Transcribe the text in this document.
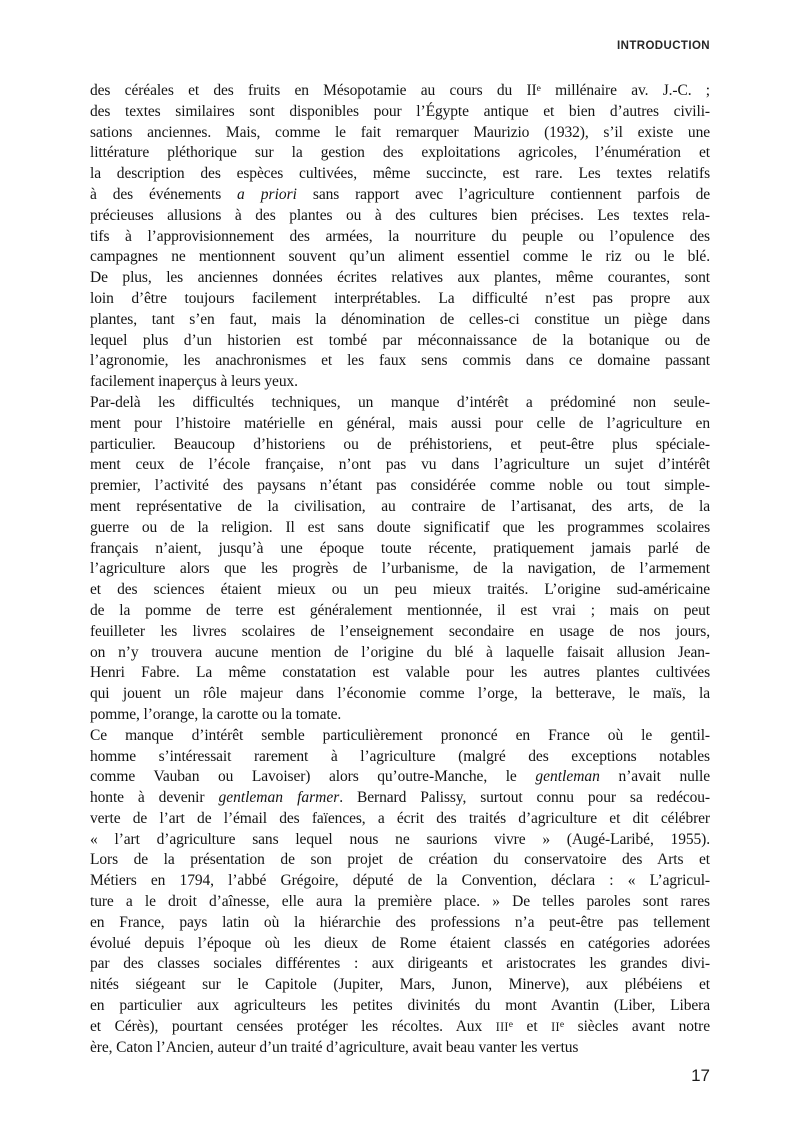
INTRODUCTION
des céréales et des fruits en Mésopotamie au cours du IIe millénaire av. J.-C. ;
des textes similaires sont disponibles pour l’Égypte antique et bien d’autres civili-
sations anciennes. Mais, comme le fait remarquer Maurizio (1932), s’il existe une
littérature pléthorique sur la gestion des exploitations agricoles, l’énumération et
la description des espèces cultivées, même succincte, est rare. Les textes relatifs
à des événements a priori sans rapport avec l’agriculture contiennent parfois de
précieuses allusions à des plantes ou à des cultures bien précises. Les textes rela-
tifs à l’approvisionnement des armées, la nourriture du peuple ou l’opulence des
campagnes ne mentionnent souvent qu’un aliment essentiel comme le riz ou le blé.
De plus, les anciennes données écrites relatives aux plantes, même courantes, sont
loin d’être toujours facilement interprétables. La difficulté n’est pas propre aux
plantes, tant s’en faut, mais la dénomination de celles-ci constitue un piège dans
lequel plus d’un historien est tombé par méconnaissance de la botanique ou de
l’agronomie, les anachronismes et les faux sens commis dans ce domaine passant
facilement inaperçus à leurs yeux.
Par-delà les difficultés techniques, un manque d’intérêt a prédominé non seule-
ment pour l’histoire matérielle en général, mais aussi pour celle de l’agriculture en
particulier. Beaucoup d’historiens ou de préhistoriens, et peut-être plus spéciale-
ment ceux de l’école française, n’ont pas vu dans l’agriculture un sujet d’intérêt
premier, l’activité des paysans n’étant pas considérée comme noble ou tout simple-
ment représentative de la civilisation, au contraire de l’artisanat, des arts, de la
guerre ou de la religion. Il est sans doute significatif que les programmes scolaires
français n’aient, jusqu’à une époque toute récente, pratiquement jamais parlé de
l’agriculture alors que les progrès de l’urbanisme, de la navigation, de l’armement
et des sciences étaient mieux ou un peu mieux traités. L’origine sud-américaine
de la pomme de terre est généralement mentionnée, il est vrai ; mais on peut
feuilleter les livres scolaires de l’enseignement secondaire en usage de nos jours,
on n’y trouvera aucune mention de l’origine du blé à laquelle faisait allusion Jean-
Henri Fabre. La même constatation est valable pour les autres plantes cultivées
qui jouent un rôle majeur dans l’économie comme l’orge, la betterave, le maïs, la
pomme, l’orange, la carotte ou la tomate.
Ce manque d’intérêt semble particulièrement prononcé en France où le gentil-
homme s’intéressait rarement à l’agriculture (malgré des exceptions notables
comme Vauban ou Lavoiser) alors qu’outre-Manche, le gentleman n’avait nulle
honte à devenir gentleman farmer. Bernard Palissy, surtout connu pour sa redécou-
verte de l’art de l’émail des faïences, a écrit des traités d’agriculture et dit célébrer
« l’art d’agriculture sans lequel nous ne saurions vivre » (Augé-Laribé, 1955).
Lors de la présentation de son projet de création du conservatoire des Arts et
Métiers en 1794, l’abbé Grégoire, député de la Convention, déclara : « L’agricul-
ture a le droit d’aînesse, elle aura la première place. » De telles paroles sont rares
en France, pays latin où la hiérarchie des professions n’a peut-être pas tellement
évolué depuis l’époque où les dieux de Rome étaient classés en catégories adorées
par des classes sociales différentes : aux dirigeants et aristocrates les grandes divi-
nités siégeant sur le Capitole (Jupiter, Mars, Junon, Minerve), aux plébéiens et
en particulier aux agriculteurs les petites divinités du mont Avantin (Liber, Libera
et Cérès), pourtant censées protéger les récoltes. Aux IIIe et IIe siècles avant notre
ère, Caton l’Ancien, auteur d’un traité d’agriculture, avait beau vanter les vertus
17
